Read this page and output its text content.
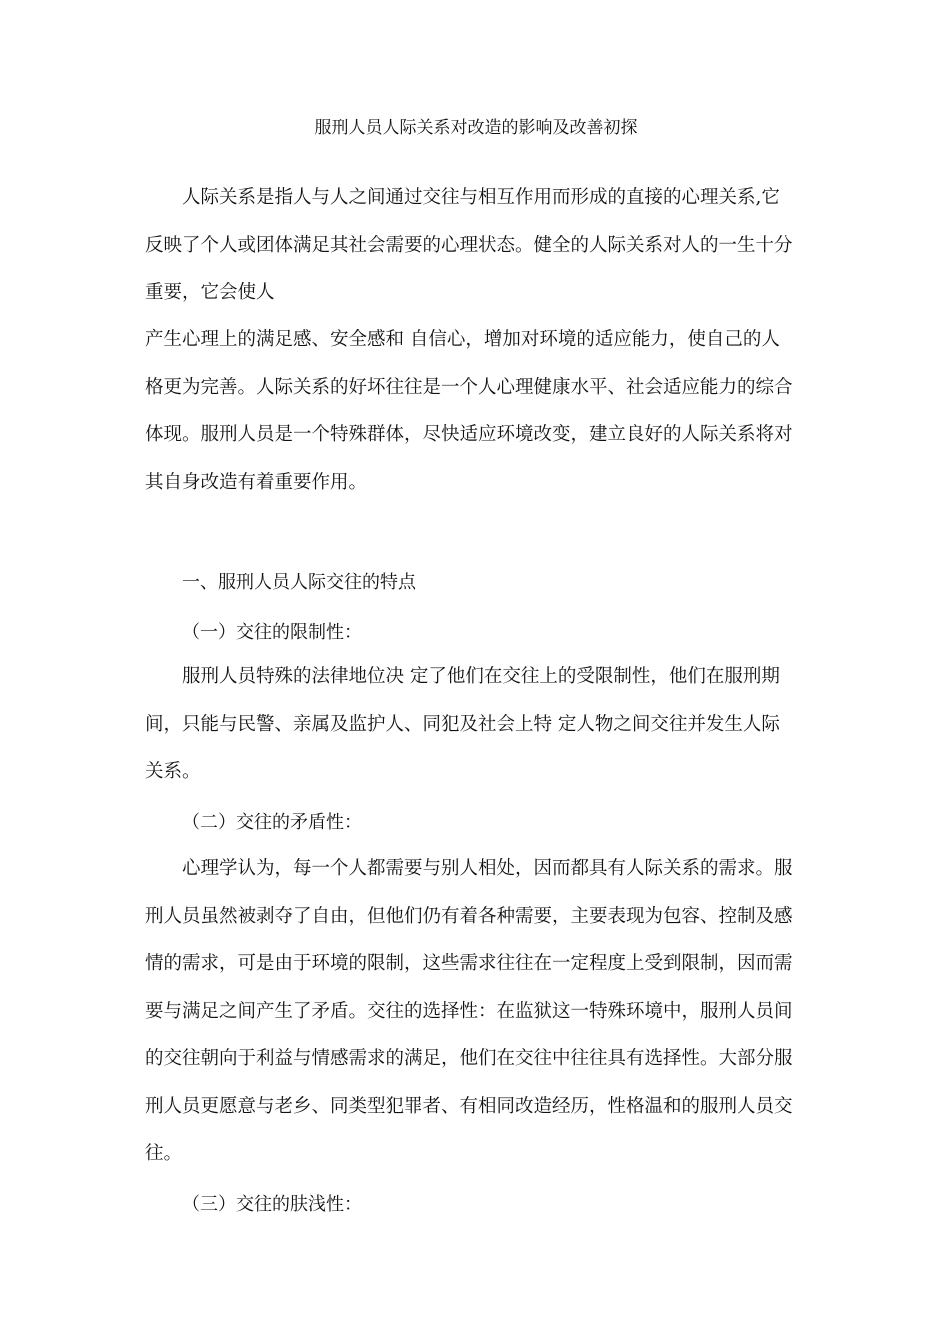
服刑人员人际关系对改造的影响及改善初探

人际关系是指人与人之间通过交往与相互作用而形成的直接的心理关系,它
反映了个人或团体满足其社会需要的心理状态。健全的人际关系对人的一生十分
重要，它会使人

产生心理上的满足感、安全感和 自信心，增加对环境的适应能力，使自己的人
格更为完善。人际关系的好坏往往是一个人心理健康水平、社会适应能力的综合
体现。服刑人员是一个特殊群体，尽快适应环境改变，建立良好的人际关系将对
其自身改造有着重要作用。

一、服刑人员人际交往的特点
（一）交往的限制性：

服刑人员特殊的法律地位决 定了他们在交往上的受限制性，他们在服刑期
间，只能与民警、亲属及监护人、同犯及社会上特 定人物之间交往并发生人际
关系。

（二）交往的矛盾性：

心理学认为，每一个人都需要与别人相处，因而都具有人际关系的需求。服
刑人员虽然被剥夺了自由，但他们仍有着各种需要，主要表现为包容、控制及感
情的需求，可是由于环境的限制，这些需求往往在一定程度上受到限制，因而需
要与满足之间产生了矛盾。交往的选择性：在监狱这一特殊环境中，服刑人员间
的交往朝向于利益与情感需求的满足，他们在交往中往往具有选择性。大部分服
刑人员更愿意与老乡、同类型犯罪者、有相同改造经历，性格温和的服刑人员交
往。

（三）交往的肤浅性：
